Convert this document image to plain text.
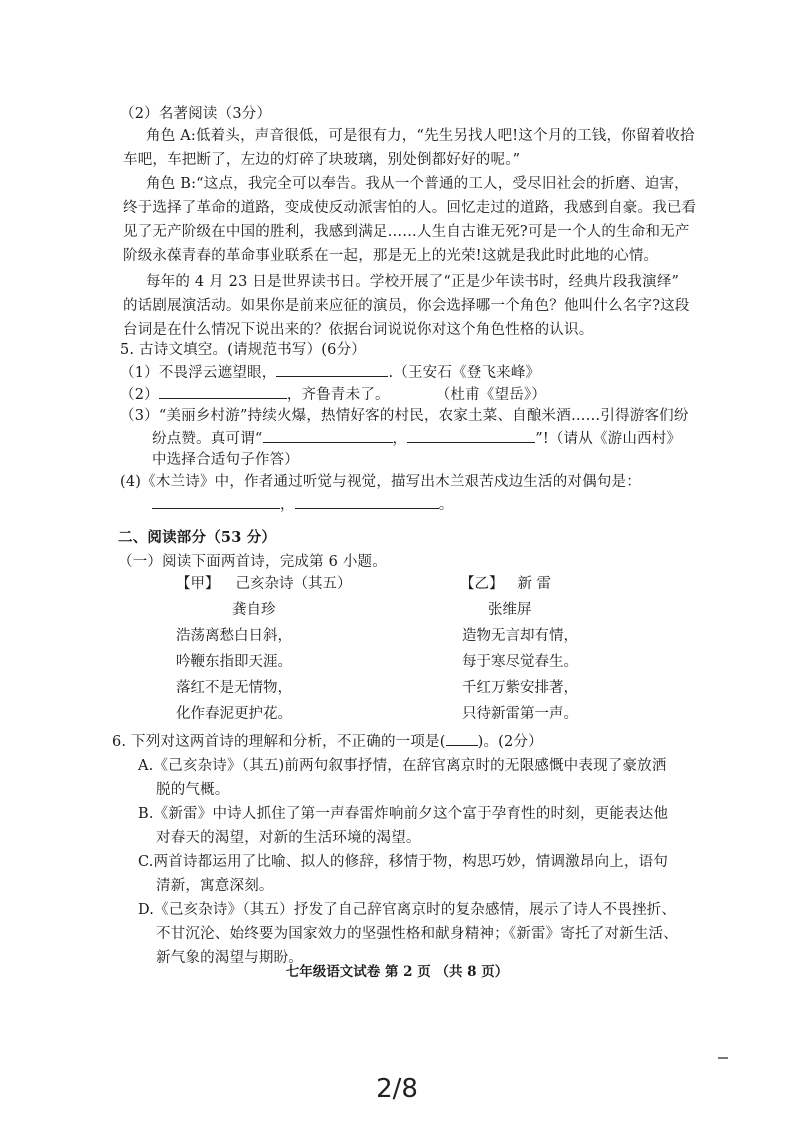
（2）名著阅读（3分）
角色 A:低着头，声音很低，可是很有力，“先生另找人吧!这个月的工钱，你留着收拾
车吧，车把断了，左边的灯碎了块玻璃，别处倒都好好的呢。”
角色 B:“这点，我完全可以奉告。我从一个普通的工人，受尽旧社会的折磨、迫害，
终于选择了革命的道路，变成使反动派害怕的人。回忆走过的道路，我感到自豪。我已看
见了无产阶级在中国的胜利，我感到满足……人生自古谁无死?可是一个人的生命和无产
阶级永葆青春的革命事业联系在一起，那是无上的光荣!这就是我此时此地的心情。
每年的 4 月 23 日是世界读书日。学校开展了“正是少年读书时，经典片段我演绎”
的话剧展演活动。如果你是前来应征的演员，你会选择哪一个角色？他叫什么名字?这段
台词是在什么情况下说出来的？依据台词说说你对这个角色性格的认识。
5. 古诗文填空。(请规范书写）(6分）
（1）不畏浮云遮望眼，	.（王安石《登飞来峰》
（2）	，齐鲁青未了。	（杜甫《望岳》）
（3）“美丽乡村游”持续火爆，热情好客的村民，农家土菜、自酿米酒……引得游客们纷
纷点赞。真可谓“	，	”!（请从《游山西村》
中选择合适句子作答）
(4)《木兰诗》中，作者通过听觉与视觉，描写出木兰艰苦戍边生活的对偶句是：
，	。
二、阅读部分（53 分）
（一）阅读下面两首诗，完成第 6 小题。
【甲】 己亥杂诗（其五）
龚自珍
浩荡离愁白日斜，
吟鞭东指即天涯。
落红不是无情物，
化作春泥更护花。
【乙】 新 雷
张维屏
造物无言却有情，
每于寒尽觉春生。
千红万紫安排著，
只待新雷第一声。
6. 下列对这两首诗的理解和分析，不正确的一项是( )。(2分）
A.《己亥杂诗》（其五)前两句叙事抒情，在辞官离京时的无限感慨中表现了豪放洒
脱的气概。
B.《新雷》中诗人抓住了第一声春雷炸响前夕这个富于孕育性的时刻，更能表达他
对春天的渴望，对新的生活环境的渴望。
C.两首诗都运用了比喻、拟人的修辞，移情于物，构思巧妙，情调激昂向上，语句
清新，寓意深刻。
D.《己亥杂诗》（其五）抒发了自己辞官离京时的复杂感情，展示了诗人不畏挫折、
不甘沉沦、始终要为国家效力的坚强性格和献身精神；《新雷》寄托了对新生活、
新气象的渴望与期盼。
七年级语文试卷 第 2 页 （共 8 页）
2/8
